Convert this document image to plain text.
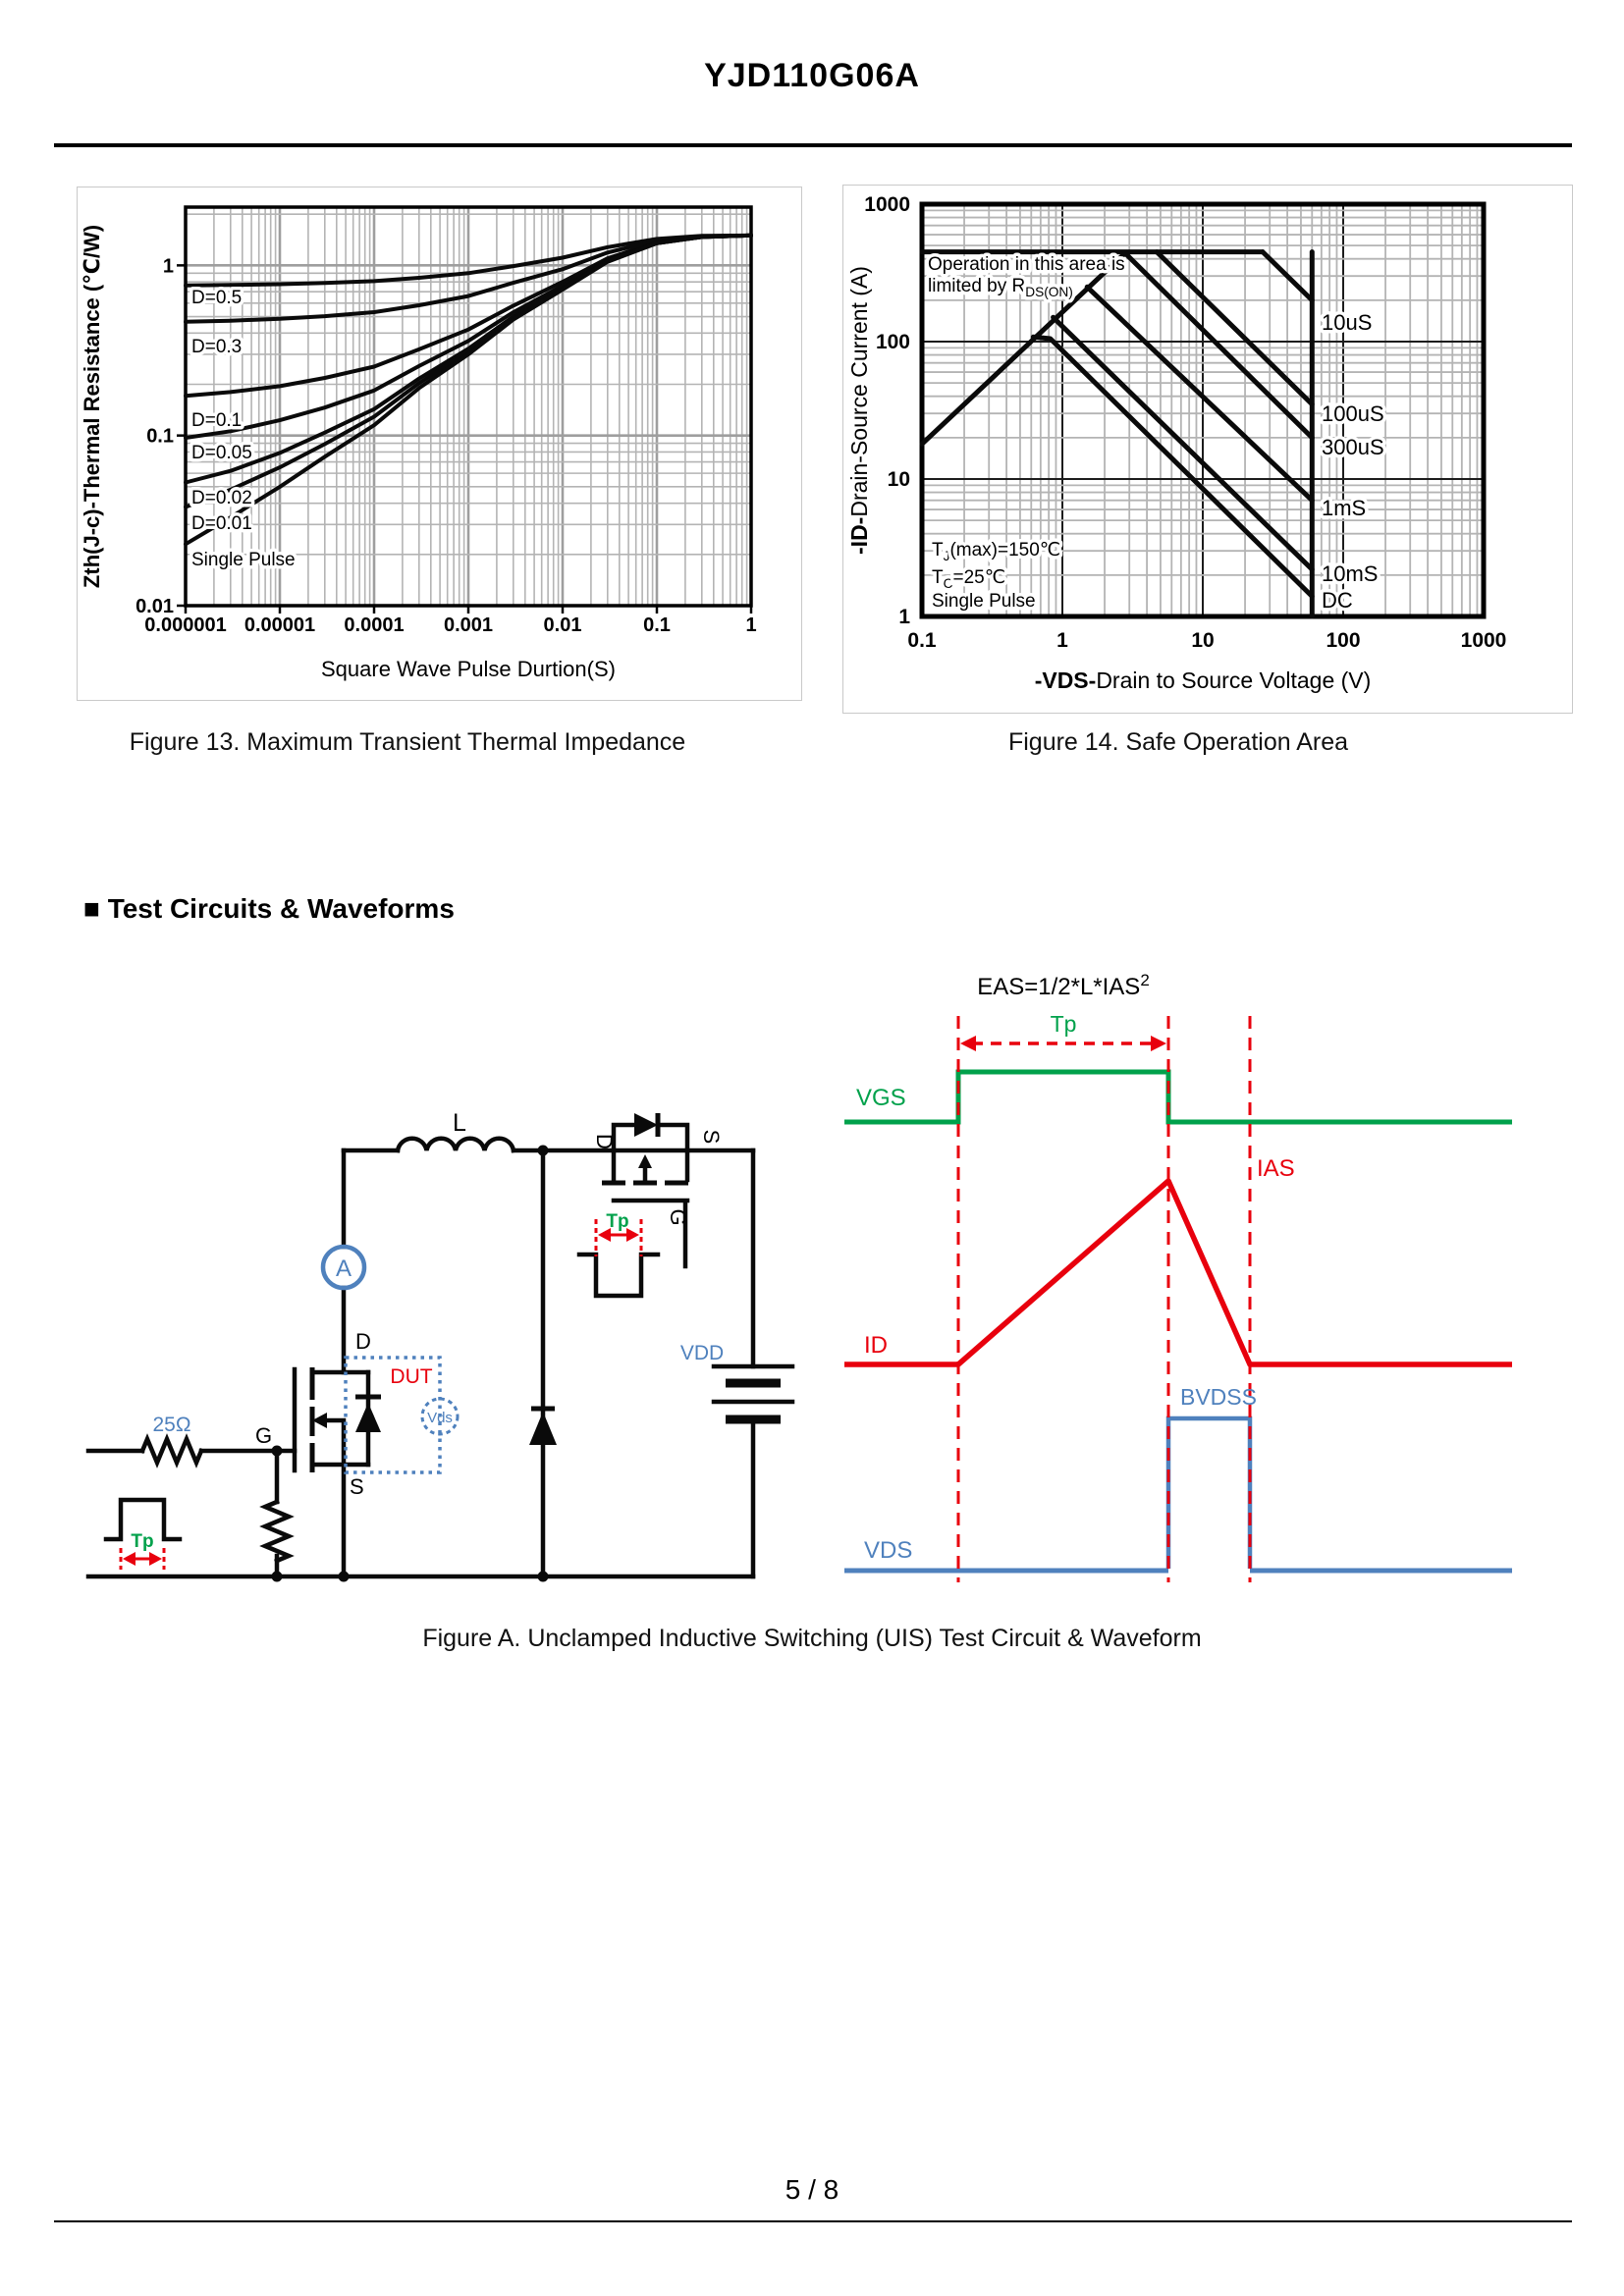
YJD110G06A
0.000001 0.00001 0.0001 0.001	0.01	0.1	1
1
0.1
0.01
Square Wave Pulse Durtion(S)
Zth(J-c)-Thermal Resistance (℃/W)	D=0.5
D=0.3
D=0.1
D=0.05
D=0.02
D=0.01
Single Pulse
0.1	1	10	100	1000
1000
100
10
1
-VDS-Drain to Source Voltage (V)
-ID-Drain-Source Current (A)	10uS
100uS
300uS
1mS
10mS
DC
Operation in this area is
limited by $R_{DS(ON)}$
$T_J(\max)=150℃$
$T_C=25℃$
Single Pulse
Figure 13. Maximum Transient Thermal Impedance	Figure 14. Safe Operation Area
■ Test Circuits & Waveforms
A
Vds
L
D
S
G
DUT
25Ω
Tp
Tp
D	S
G
VDD
$EAS=1/2*L*IAS^2$
Tp
VGS
IAS
ID
BVDSS
VDS
Figure A. Unclamped Inductive Switching (UIS) Test Circuit & Waveform
5 / 8
